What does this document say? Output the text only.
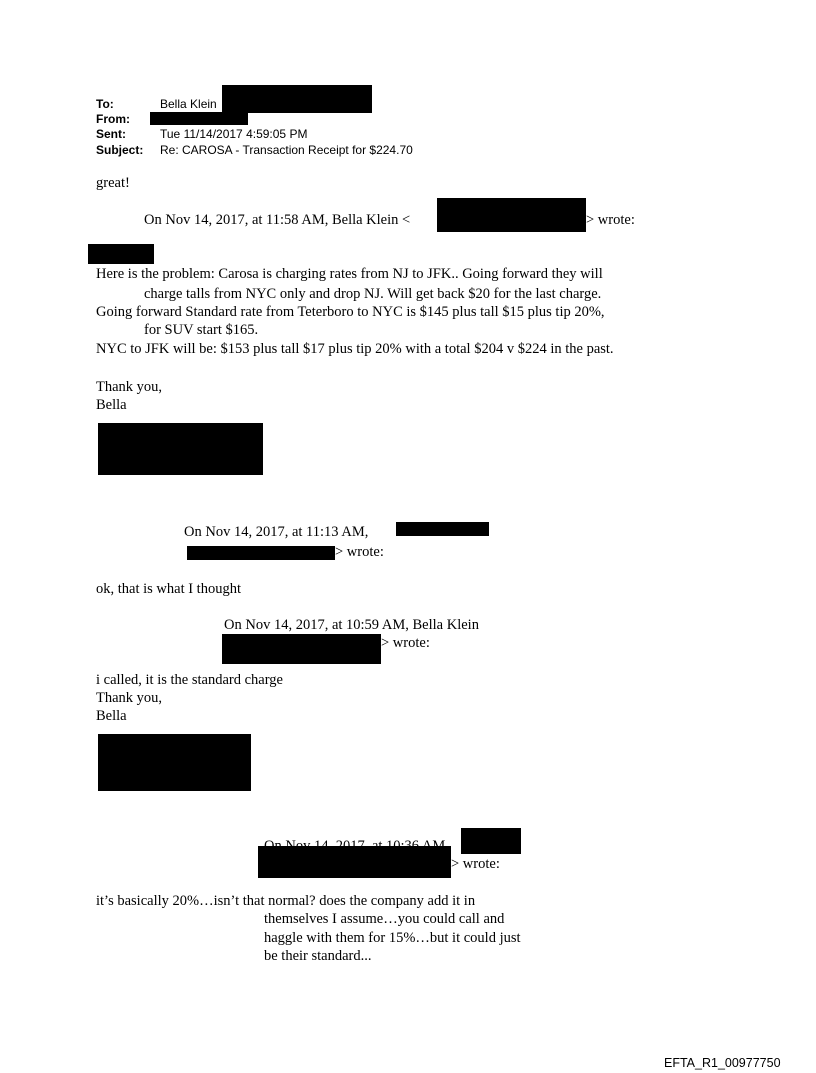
To:	Bella Klein
From:
Sent:	Tue 11/14/2017 4:59:05 PM
Subject: Re: CAROSA - Transaction Receipt for $224.70
great!
On Nov 14, 2017, at 11:58 AM, Bella Klein <	> wrote:
Here is the problem: Carosa is charging rates from NJ to JFK.. Going forward they will
charge talls from NYC only and drop NJ. Will get back $20 for the last charge.
Going forward Standard rate from Teterboro to NYC is $145 plus tall $15 plus tip 20%,
for SUV start $165.
NYC to JFK will be: $153 plus tall $17 plus tip 20% with a total $204 v $224 in the past.
Thank you,
Bella
On Nov 14, 2017, at 11:13 AM,
> wrote:
ok, that is what I thought
On Nov 14, 2017, at 10:59 AM, Bella Klein
> wrote:
i called, it is the standard charge
Thank you,
Bella
> wrote:
it’s basically 20%…isn’t that normal? does the company add it in
themselves I assume…you could call and
haggle with them for 15%…but it could just
be their standard...
EFTA_R1_00977750
